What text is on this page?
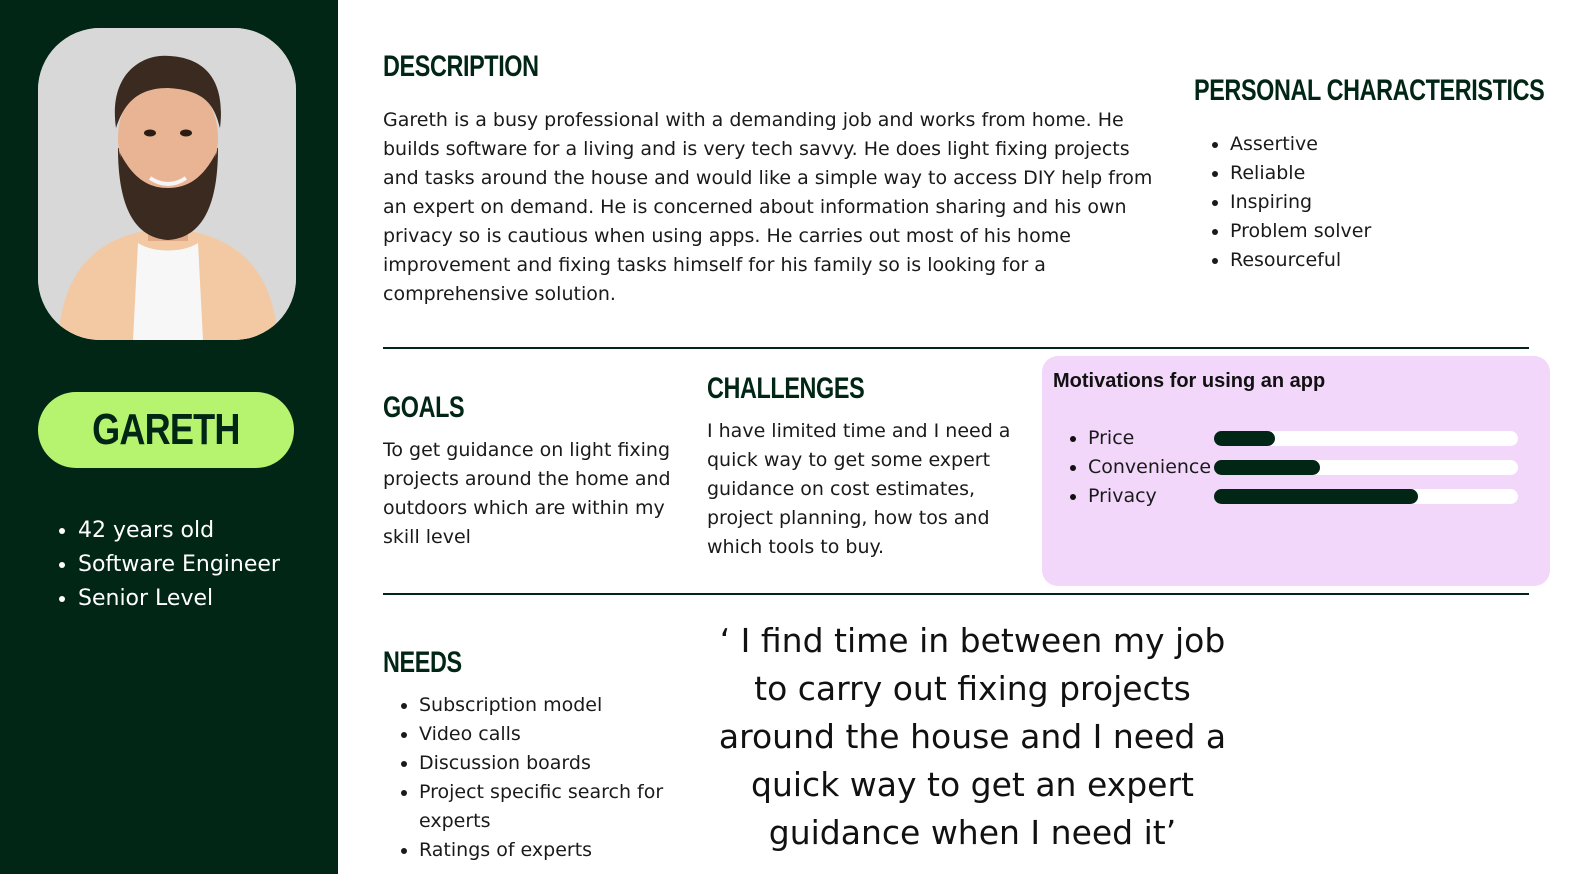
GARETH
• 42 years old
• Software Engineer
• Senior Level
DESCRIPTION

Gareth is a busy professional with a demanding job and works from home. He builds software for a living and is very tech savvy. He does light fixing projects and tasks around the house and would like a simple way to access DIY help from an expert on demand. He is concerned about information sharing and his own privacy so is cautious when using apps. He carries out most of his home improvement and fixing tasks himself for his family so is looking for a comprehensive solution.

PERSONAL CHARACTERISTICS
• Assertive
• Reliable
• Inspiring
• Problem solver
• Resourceful
GOALS

To get guidance on light fixing projects around the home and outdoors which are within my skill level

CHALLENGES

I have limited time and I need a quick way to get some expert guidance on cost estimates, project planning, how tos and which tools to buy.

Motivations for using an app
Price
Convenience
Privacy
NEEDS
• Subscription model
• Video calls
• Discussion boards
• Project specific search for experts
• Ratings of experts

‘ I find time in between my job to carry out fixing projects around the house and I need a quick way to get an expert guidance when I need it’
